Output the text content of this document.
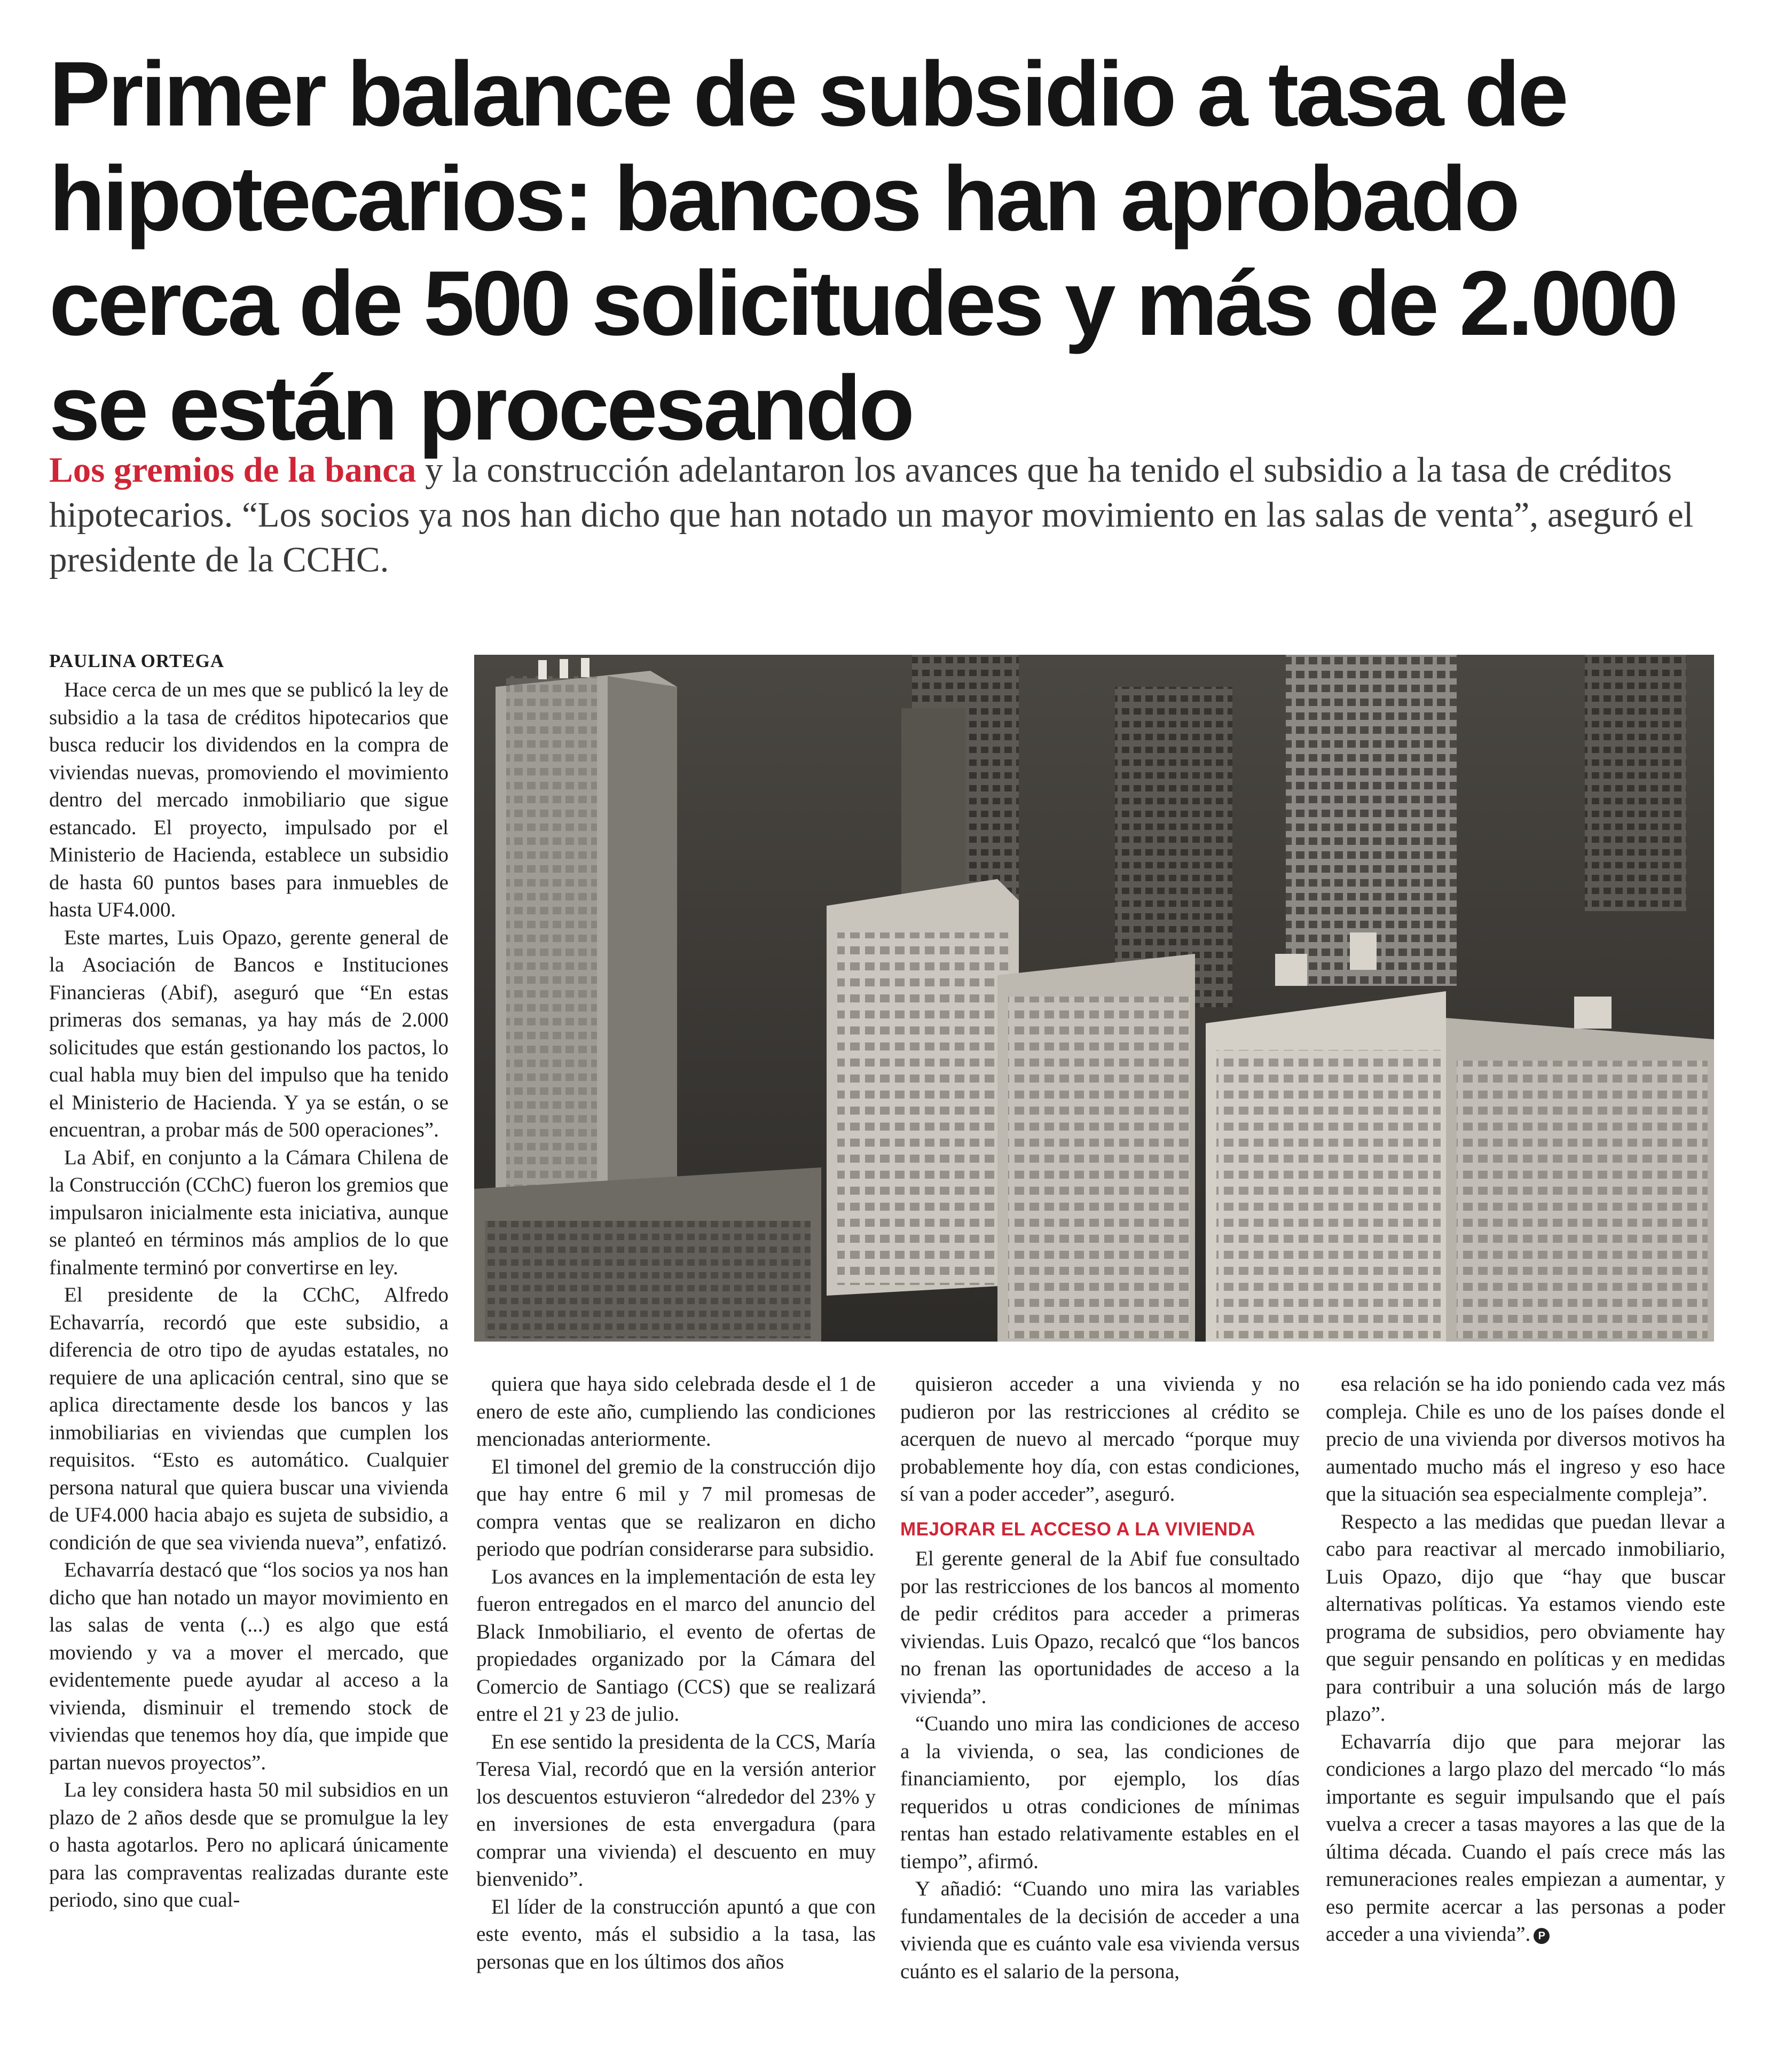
Primer balance de subsidio a tasa de hipotecarios: bancos han aprobado cerca de 500 solicitudes y más de 2.000 se están procesando
Los gremios de la banca y la construcción adelantaron los avances que ha tenido el subsidio a la tasa de créditos hipotecarios. “Los socios ya nos han dicho que han notado un mayor movimiento en las salas de venta”, aseguró el presidente de la CCHC.
PAULINA ORTEGA

Hace cerca de un mes que se publicó la ley de subsidio a la tasa de créditos hipotecarios que busca reducir los dividendos en la compra de viviendas nuevas, promoviendo el movimiento dentro del mercado inmobiliario que sigue estancado. El proyecto, impulsado por el Ministerio de Hacienda, establece un subsidio de hasta 60 puntos bases para inmuebles de hasta UF4.000.

Este martes, Luis Opazo, gerente general de la Asociación de Bancos e Instituciones Financieras (Abif), aseguró que “En estas primeras dos semanas, ya hay más de 2.000 solicitudes que están gestionando los pactos, lo cual habla muy bien del impulso que ha tenido el Ministerio de Hacienda. Y ya se están, o se encuentran, a probar más de 500 operaciones”.

La Abif, en conjunto a la Cámara Chilena de la Construcción (CChC) fueron los gremios que impulsaron inicialmente esta iniciativa, aunque se planteó en términos más amplios de lo que finalmente terminó por convertirse en ley.

El presidente de la CChC, Alfredo Echavarría, recordó que este subsidio, a diferencia de otro tipo de ayudas estatales, no requiere de una aplicación central, sino que se aplica directamente desde los bancos y las inmobiliarias en viviendas que cumplen los requisitos. “Esto es automático. Cualquier persona natural que quiera buscar una vivienda de UF4.000 hacia abajo es sujeta de subsidio, a condición de que sea vivienda nueva”, enfatizó.

Echavarría destacó que “los socios ya nos han dicho que han notado un mayor movimiento en las salas de venta (...) es algo que está moviendo y va a mover el mercado, que evidentemente puede ayudar al acceso a la vivienda, disminuir el tremendo stock de viviendas que tenemos hoy día, que impide que partan nuevos proyectos”.

La ley considera hasta 50 mil subsidios en un plazo de 2 años desde que se promulgue la ley o hasta agotarlos. Pero no aplicará únicamente para las compraventas realizadas durante este periodo, sino que cual-

quiera que haya sido celebrada desde el 1 de enero de este año, cumpliendo las condiciones mencionadas anteriormente.

El timonel del gremio de la construcción dijo que hay entre 6 mil y 7 mil promesas de compra ventas que se realizaron en dicho periodo que podrían considerarse para subsidio.

Los avances en la implementación de esta ley fueron entregados en el marco del anuncio del Black Inmobiliario, el evento de ofertas de propiedades organizado por la Cámara del Comercio de Santiago (CCS) que se realizará entre el 21 y 23 de julio.

En ese sentido la presidenta de la CCS, María Teresa Vial, recordó que en la versión anterior los descuentos estuvieron “alrededor del 23% y en inversiones de esta envergadura (para comprar una vivienda) el descuento en muy bienvenido”.

El líder de la construcción apuntó a que con este evento, más el subsidio a la tasa, las personas que en los últimos dos años

quisieron acceder a una vivienda y no pudieron por las restricciones al crédito se acerquen de nuevo al mercado “porque muy probablemente hoy día, con estas condiciones, sí van a poder acceder”, aseguró.

MEJORAR EL ACCESO A LA VIVIENDA

El gerente general de la Abif fue consultado por las restricciones de los bancos al momento de pedir créditos para acceder a primeras viviendas. Luis Opazo, recalcó que “los bancos no frenan las oportunidades de acceso a la vivienda”.

“Cuando uno mira las condiciones de acceso a la vivienda, o sea, las condiciones de financiamiento, por ejemplo, los días requeridos u otras condiciones de mínimas rentas han estado relativamente estables en el tiempo”, afirmó.

Y añadió: “Cuando uno mira las variables fundamentales de la decisión de acceder a una vivienda que es cuánto vale esa vivienda versus cuánto es el salario de la persona,

esa relación se ha ido poniendo cada vez más compleja. Chile es uno de los países donde el precio de una vivienda por diversos motivos ha aumentado mucho más el ingreso y eso hace que la situación sea especialmente compleja”.

Respecto a las medidas que puedan llevar a cabo para reactivar al mercado inmobiliario, Luis Opazo, dijo que “hay que buscar alternativas políticas. Ya estamos viendo este programa de subsidios, pero obviamente hay que seguir pensando en políticas y en medidas para contribuir a una solución más de largo plazo”.

Echavarría dijo que para mejorar las condiciones a largo plazo del mercado “lo más importante es seguir impulsando que el país vuelva a crecer a tasas mayores a las que de la última década. Cuando el país crece más las remuneraciones reales empiezan a aumentar, y eso permite acercar a las personas a poder acceder a una vivienda”. P
